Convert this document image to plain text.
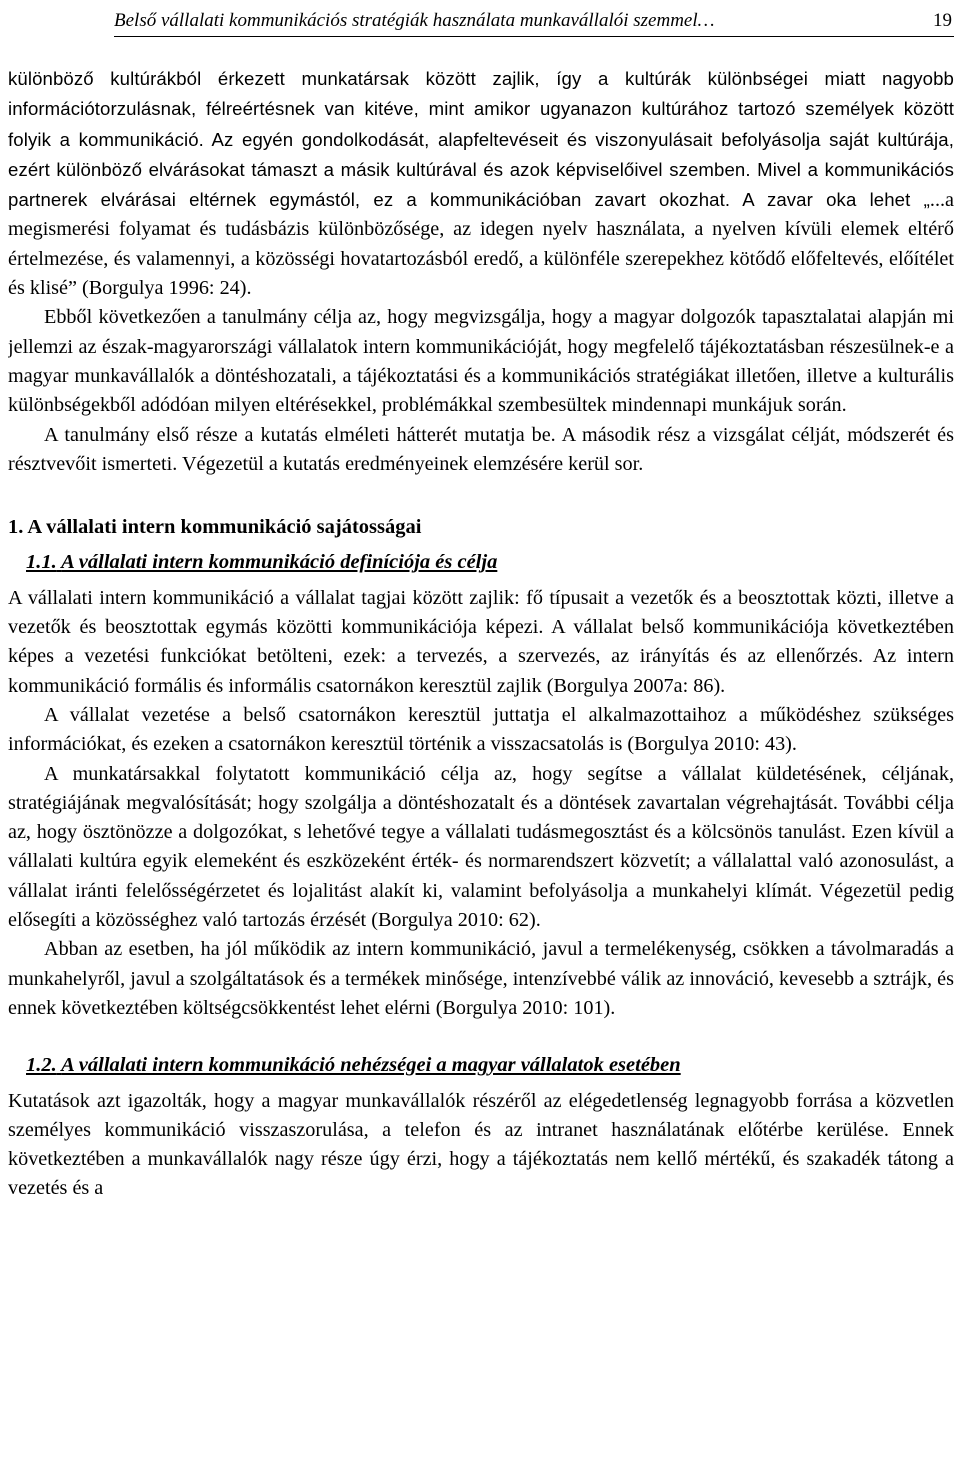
Belső vállalati kommunikációs stratégiák használata munkavállalói szemmel…	19

különböző kultúrákból érkezett munkatársak között zajlik, így a kultúrák különbségei miatt nagyobb információtorzulásnak, félreértésnek van kitéve, mint amikor ugyanazon kultúrához tartozó személyek között folyik a kommunikáció. Az egyén gondolkodását, alapfeltevéseit és viszonyulásait befolyásolja saját kultúrája, ezért különböző elvárásokat támaszt a másik kultúrával és azok képviselőivel szemben. Mivel a kommunikációs partnerek elvárásai eltérnek egymástól, ez a kommunikációban zavart okozhat. A zavar oka lehet „...a megismerési folyamat és tudásbázis különbözősége, az idegen nyelv használata, a nyelven kívüli elemek eltérő értelmezése, és valamennyi, a közösségi hovatartozásból eredő, a különféle szerepekhez kötődő előfeltevés, előítélet és klisé” (Borgulya 1996: 24).

Ebből következően a tanulmány célja az, hogy megvizsgálja, hogy a magyar dolgozók tapasztalatai alapján mi jellemzi az észak-magyarországi vállalatok intern kommunikációját, hogy megfelelő tájékoztatásban részesülnek-e a magyar munkavállalók a döntéshozatali, a tájékoztatási és a kommunikációs stratégiákat illetően, illetve a kulturális különbségekből adódóan milyen eltérésekkel, problémákkal szembesültek mindennapi munkájuk során.

A tanulmány első része a kutatás elméleti hátterét mutatja be. A második rész a vizsgálat célját, módszerét és résztvevőit ismerteti. Végezetül a kutatás eredményeinek elemzésére kerül sor.

1. A vállalati intern kommunikáció sajátosságai
1.1. A vállalati intern kommunikáció definíciója és célja

A vállalati intern kommunikáció a vállalat tagjai között zajlik: fő típusait a vezetők és a beosztottak közti, illetve a vezetők és beosztottak egymás közötti kommunikációja képezi. A vállalat belső kommunikációja következtében képes a vezetési funkciókat betölteni, ezek: a tervezés, a szervezés, az irányítás és az ellenőrzés. Az intern kommunikáció formális és informális csatornákon keresztül zajlik (Borgulya 2007a: 86).

A vállalat vezetése a belső csatornákon keresztül juttatja el alkalmazottaihoz a működéshez szükséges információkat, és ezeken a csatornákon keresztül történik a visszacsatolás is (Borgulya 2010: 43).

A munkatársakkal folytatott kommunikáció célja az, hogy segítse a vállalat küldetésének, céljának, stratégiájának megvalósítását; hogy szolgálja a döntéshozatalt és a döntések zavartalan végrehajtását. További célja az, hogy ösztönözze a dolgozókat, s lehetővé tegye a vállalati tudásmegosztást és a kölcsönös tanulást. Ezen kívül a vállalati kultúra egyik elemeként és eszközeként érték- és normarendszert közvetít; a vállalattal való azonosulást, a vállalat iránti felelősségérzetet és lojalitást alakít ki, valamint befolyásolja a munkahelyi klímát. Végezetül pedig elősegíti a közösséghez való tartozás érzését (Borgulya 2010: 62).

Abban az esetben, ha jól működik az intern kommunikáció, javul a termelékenység, csökken a távolmaradás a munkahelyről, javul a szolgáltatások és a termékek minősége, intenzívebbé válik az innováció, kevesebb a sztrájk, és ennek következtében költségcsökkentést lehet elérni (Borgulya 2010: 101).

1.2. A vállalati intern kommunikáció nehézségei a magyar vállalatok esetében

Kutatások azt igazolták, hogy a magyar munkavállalók részéről az elégedetlenség legnagyobb forrása a közvetlen személyes kommunikáció visszaszorulása, a telefon és az intranet használatának előtérbe kerülése. Ennek következtében a munkavállalók nagy része úgy érzi, hogy a tájékoztatás nem kellő mértékű, és szakadék tátong a vezetés és a
